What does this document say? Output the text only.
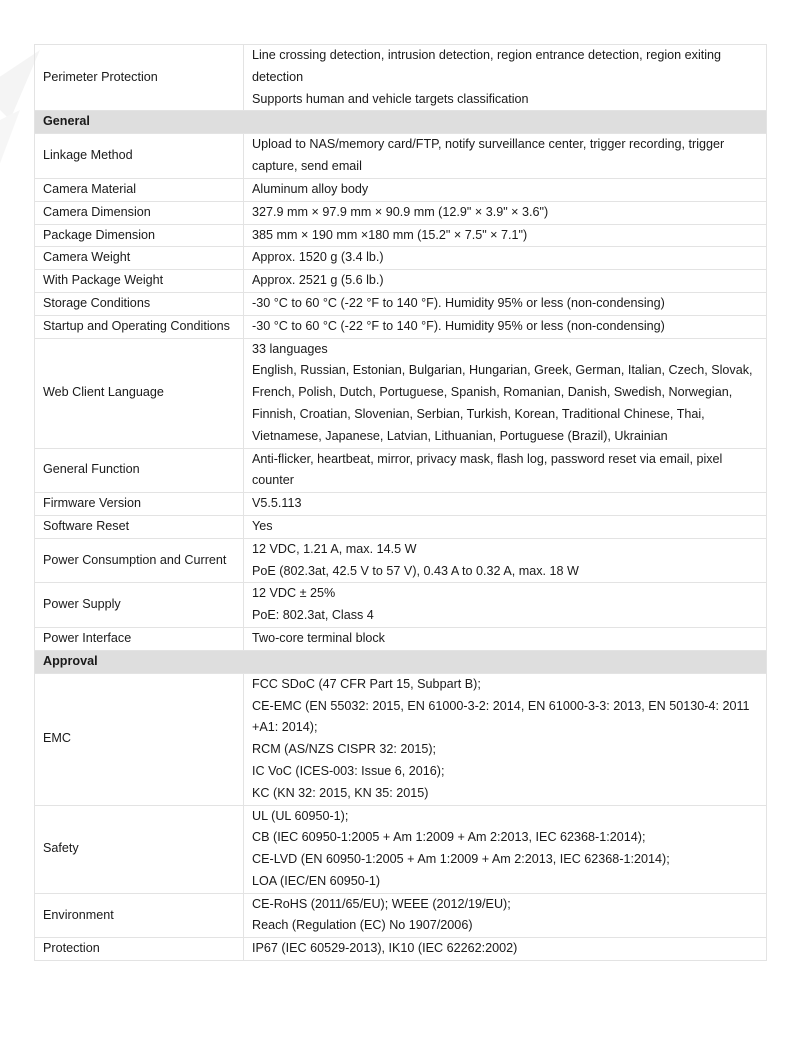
Perimeter Protection	Line crossing detection, intrusion detection, region entrance detection, region exiting detection
Supports human and vehicle targets classification

General	
Linkage Method	Upload to NAS/memory card/FTP, notify surveillance center, trigger recording, trigger capture, send email

Camera Material	Aluminum alloy body

Camera Dimension	327.9 mm × 97.9 mm × 90.9 mm (12.9" × 3.9" × 3.6")

Package Dimension	385 mm × 190 mm ×180 mm (15.2" × 7.5" × 7.1")

Camera Weight	Approx. 1520 g (3.4 lb.)

With Package Weight	Approx. 2521 g (5.6 lb.)

Storage Conditions	-30 °C to 60 °C (-22 °F to 140 °F). Humidity 95% or less (non-condensing)

Startup and Operating Conditions	-30 °C to 60 °C (-22 °F to 140 °F). Humidity 95% or less (non-condensing)

Web Client Language	33 languages
English, Russian, Estonian, Bulgarian, Hungarian, Greek, German, Italian, Czech, Slovak, French, Polish, Dutch, Portuguese, Spanish, Romanian, Danish, Swedish, Norwegian, Finnish, Croatian, Slovenian, Serbian, Turkish, Korean, Traditional Chinese, Thai, Vietnamese, Japanese, Latvian, Lithuanian, Portuguese (Brazil), Ukrainian

General Function	Anti-flicker, heartbeat, mirror, privacy mask, flash log, password reset via email, pixel counter

Firmware Version	V5.5.113

Software Reset	Yes

Power Consumption and Current	12 VDC, 1.21 A, max. 14.5 W
PoE (802.3at, 42.5 V to 57 V), 0.43 A to 0.32 A, max. 18 W

Power Supply	12 VDC ± 25%
PoE: 802.3at, Class 4

Power Interface	Two-core terminal block

Approval	
EMC	FCC SDoC (47 CFR Part 15, Subpart B);
CE-EMC (EN 55032: 2015, EN 61000-3-2: 2014, EN 61000-3-3: 2013, EN 50130-4: 2011 +A1: 2014);
RCM (AS/NZS CISPR 32: 2015);
IC VoC (ICES-003: Issue 6, 2016);
KC (KN 32: 2015, KN 35: 2015)

Safety	UL (UL 60950-1);
CB (IEC 60950-1:2005 + Am 1:2009 + Am 2:2013, IEC 62368-1:2014);
CE-LVD (EN 60950-1:2005 + Am 1:2009 + Am 2:2013, IEC 62368-1:2014);
LOA (IEC/EN 60950-1)

Environment	CE-RoHS (2011/65/EU); WEEE (2012/19/EU);
Reach (Regulation (EC) No 1907/2006)

Protection	IP67 (IEC 60529-2013), IK10 (IEC 62262:2002)
